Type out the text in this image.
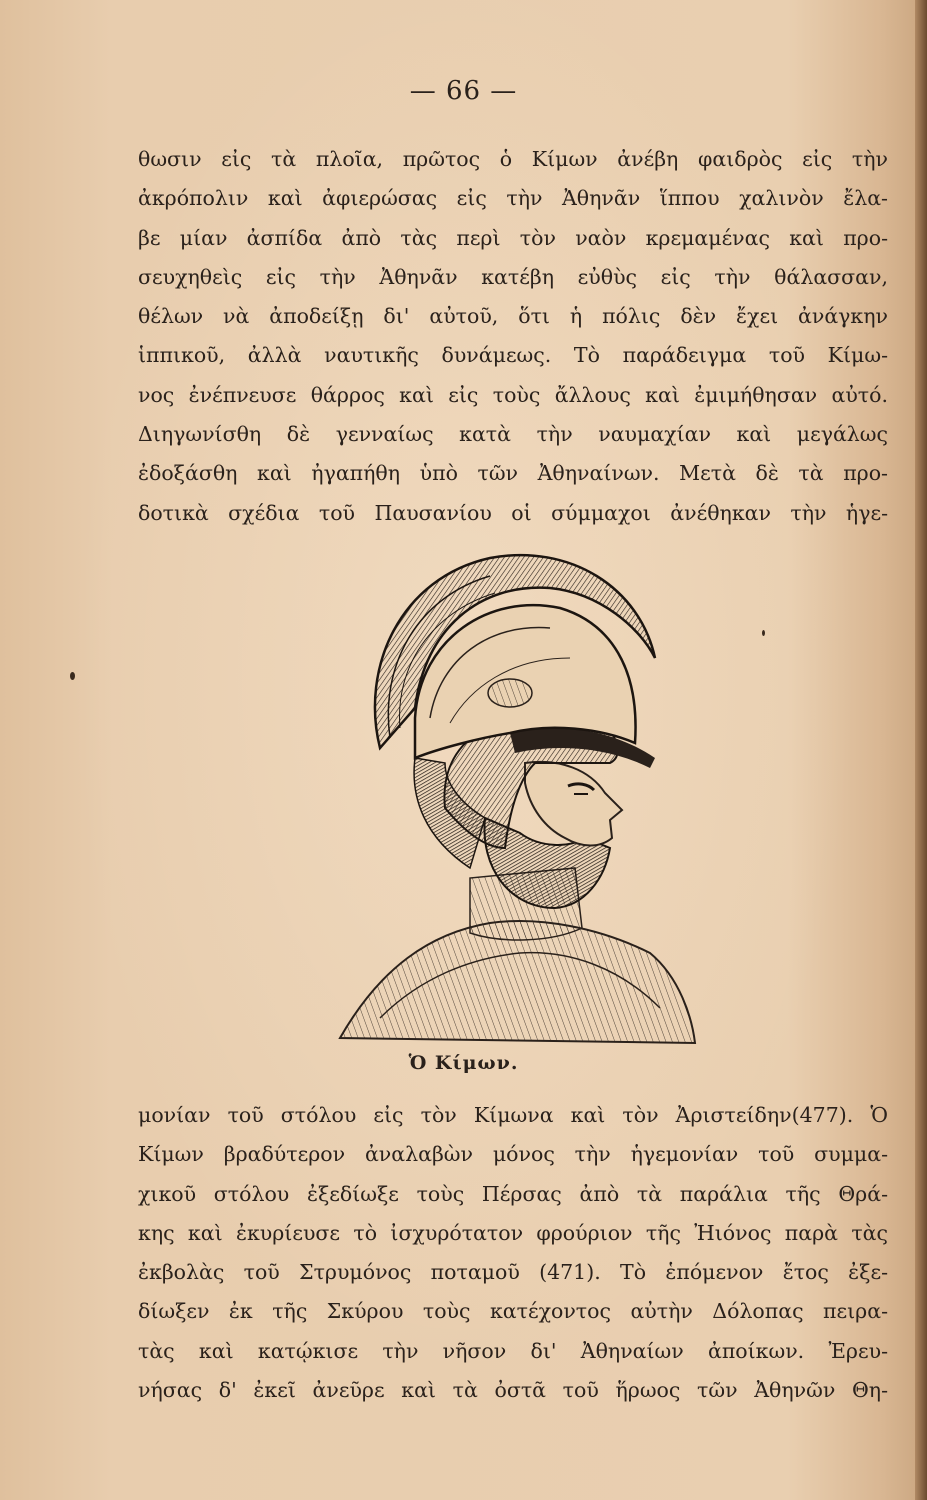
— 66 —
θωσιν εἰς τὰ πλοῖα, πρῶτος ὁ Κίμων ἀνέβη φαιδρὸς εἰς τὴν
ἀκρόπολιν καὶ ἀφιερώσας εἰς τὴν Ἀθηνᾶν ἵππου χαλινὸν ἔλα-
βε μίαν ἀσπίδα ἀπὸ τὰς περὶ τὸν ναὸν κρεμαμένας καὶ προ-
σευχηθεὶς εἰς τὴν Ἀθηνᾶν κατέβη εὐθὺς εἰς τὴν θάλασσαν,
θέλων νὰ ἀποδείξῃ δι' αὐτοῦ, ὅτι ἡ πόλις δὲν ἔχει ἀνάγκην
ἱππικοῦ, ἀλλὰ ναυτικῆς δυνάμεως. Τὸ παράδειγμα τοῦ Κίμω-
νος ἐνέπνευσε θάρρος καὶ εἰς τοὺς ἄλλους καὶ ἐμιμήθησαν αὐτό.
Διηγωνίσθη δὲ γενναίως κατὰ τὴν ναυμαχίαν καὶ μεγάλως
ἐδοξάσθη καὶ ἠγαπήθη ὑπὸ τῶν Ἀθηναίνων. Μετὰ δὲ τὰ προ-
δοτικὰ σχέδια τοῦ Παυσανίου οἱ σύμμαχοι ἀνέθηκαν τὴν ἡγε-
Ὁ Κίμων.
μονίαν τοῦ στόλου εἰς τὸν Κίμωνα καὶ τὸν Ἀριστείδην(477). Ὁ
Κίμων βραδύτερον ἀναλαβὼν μόνος τὴν ἡγεμονίαν τοῦ συμμα-
χικοῦ στόλου ἐξεδίωξε τοὺς Πέρσας ἀπὸ τὰ παράλια τῆς Θρά-
κης καὶ ἐκυρίευσε τὸ ἰσχυρότατον φρούριον τῆς Ἠιόνος παρὰ τὰς
ἐκβολὰς τοῦ Στρυμόνος ποταμοῦ (471). Τὸ ἑπόμενον ἔτος ἐξε-
δίωξεν ἐκ τῆς Σκύρου τοὺς κατέχοντος αὐτὴν Δόλοπας πειρα-
τὰς καὶ κατῴκισε τὴν νῆσον δι' Ἀθηναίων ἀποίκων. Ἐρευ-
νήσας δ' ἐκεῖ ἀνεῦρε καὶ τὰ ὀστᾶ τοῦ ἥρωος τῶν Ἀθηνῶν Θη-
